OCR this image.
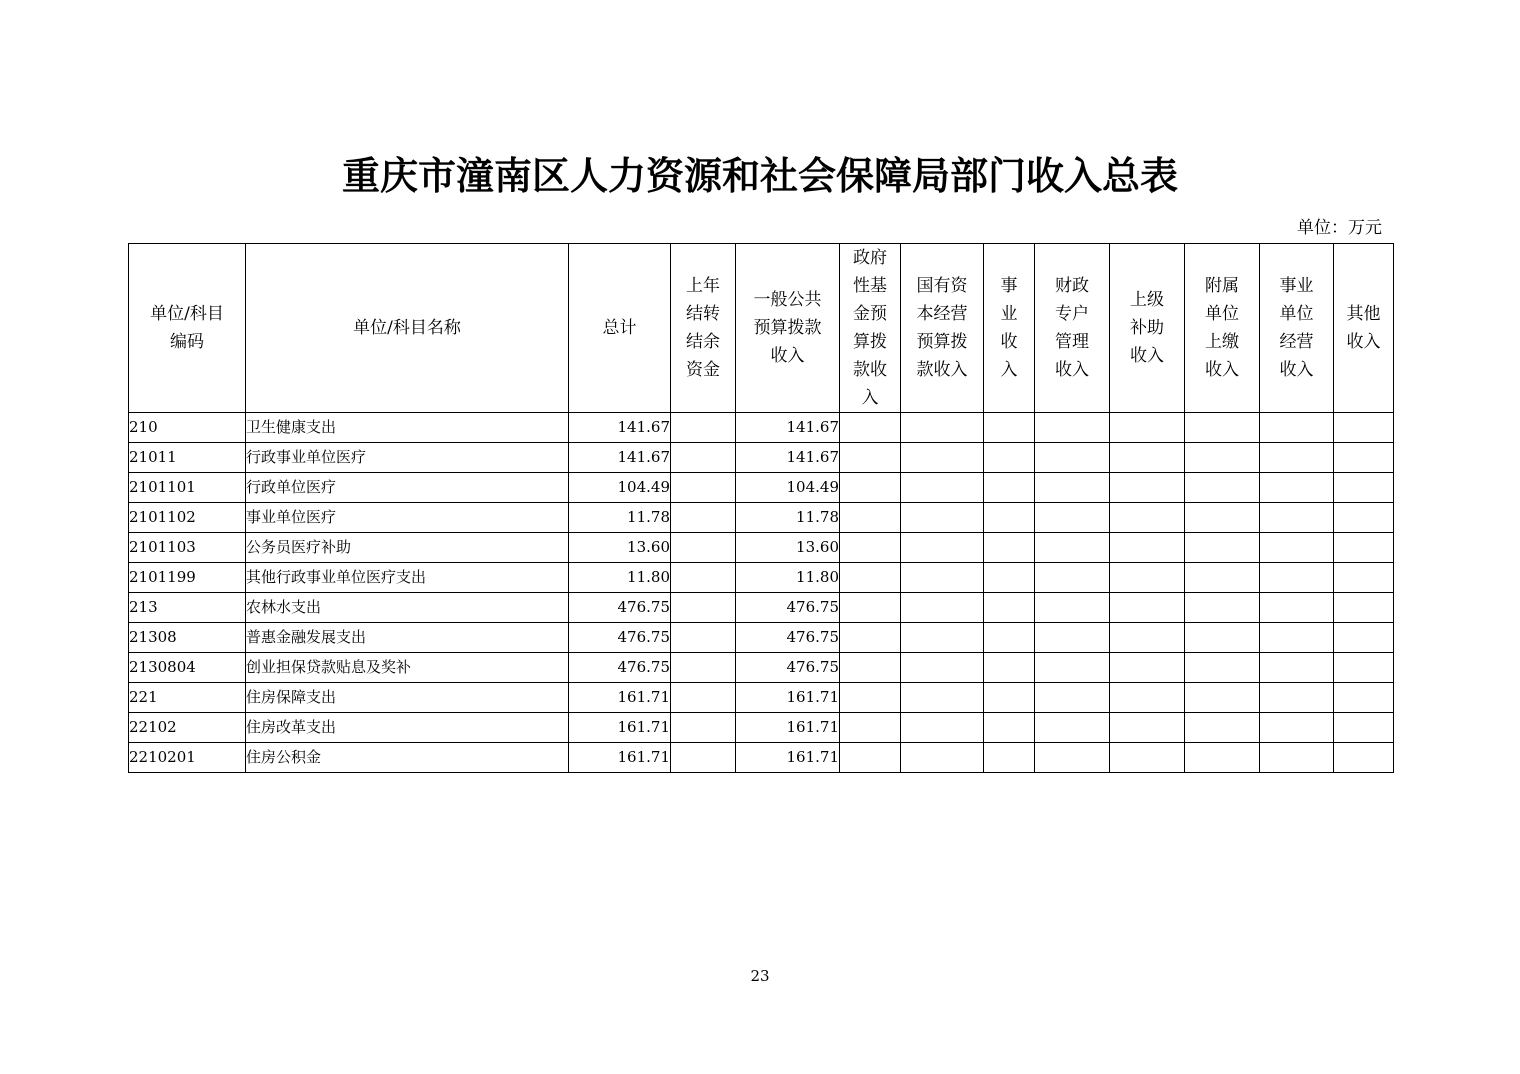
重庆市潼南区人力资源和社会保障局部门收入总表
单位：万元
单位/科目编码	单位/科目名称	总计	上年结转结余资金	一般公共预算拨款收入	政府性基金预算拨款收入	国有资本经营预算拨款收入	事业收入	财政专户管理收入	上级补助收入	附属单位上缴收入	事业单位经营收入	其他收入

210	卫生健康支出	141.67		141.67								
21011	行政事业单位医疗	141.67		141.67								
2101101	行政单位医疗	104.49		104.49								
2101102	事业单位医疗	11.78		11.78								
2101103	公务员医疗补助	13.60		13.60								
2101199	其他行政事业单位医疗支出	11.80		11.80								
213	农林水支出	476.75		476.75								
21308	普惠金融发展支出	476.75		476.75								
2130804	创业担保贷款贴息及奖补	476.75		476.75								
221	住房保障支出	161.71		161.71								
22102	住房改革支出	161.71		161.71								
2210201	住房公积金	161.71		161.71								
23
